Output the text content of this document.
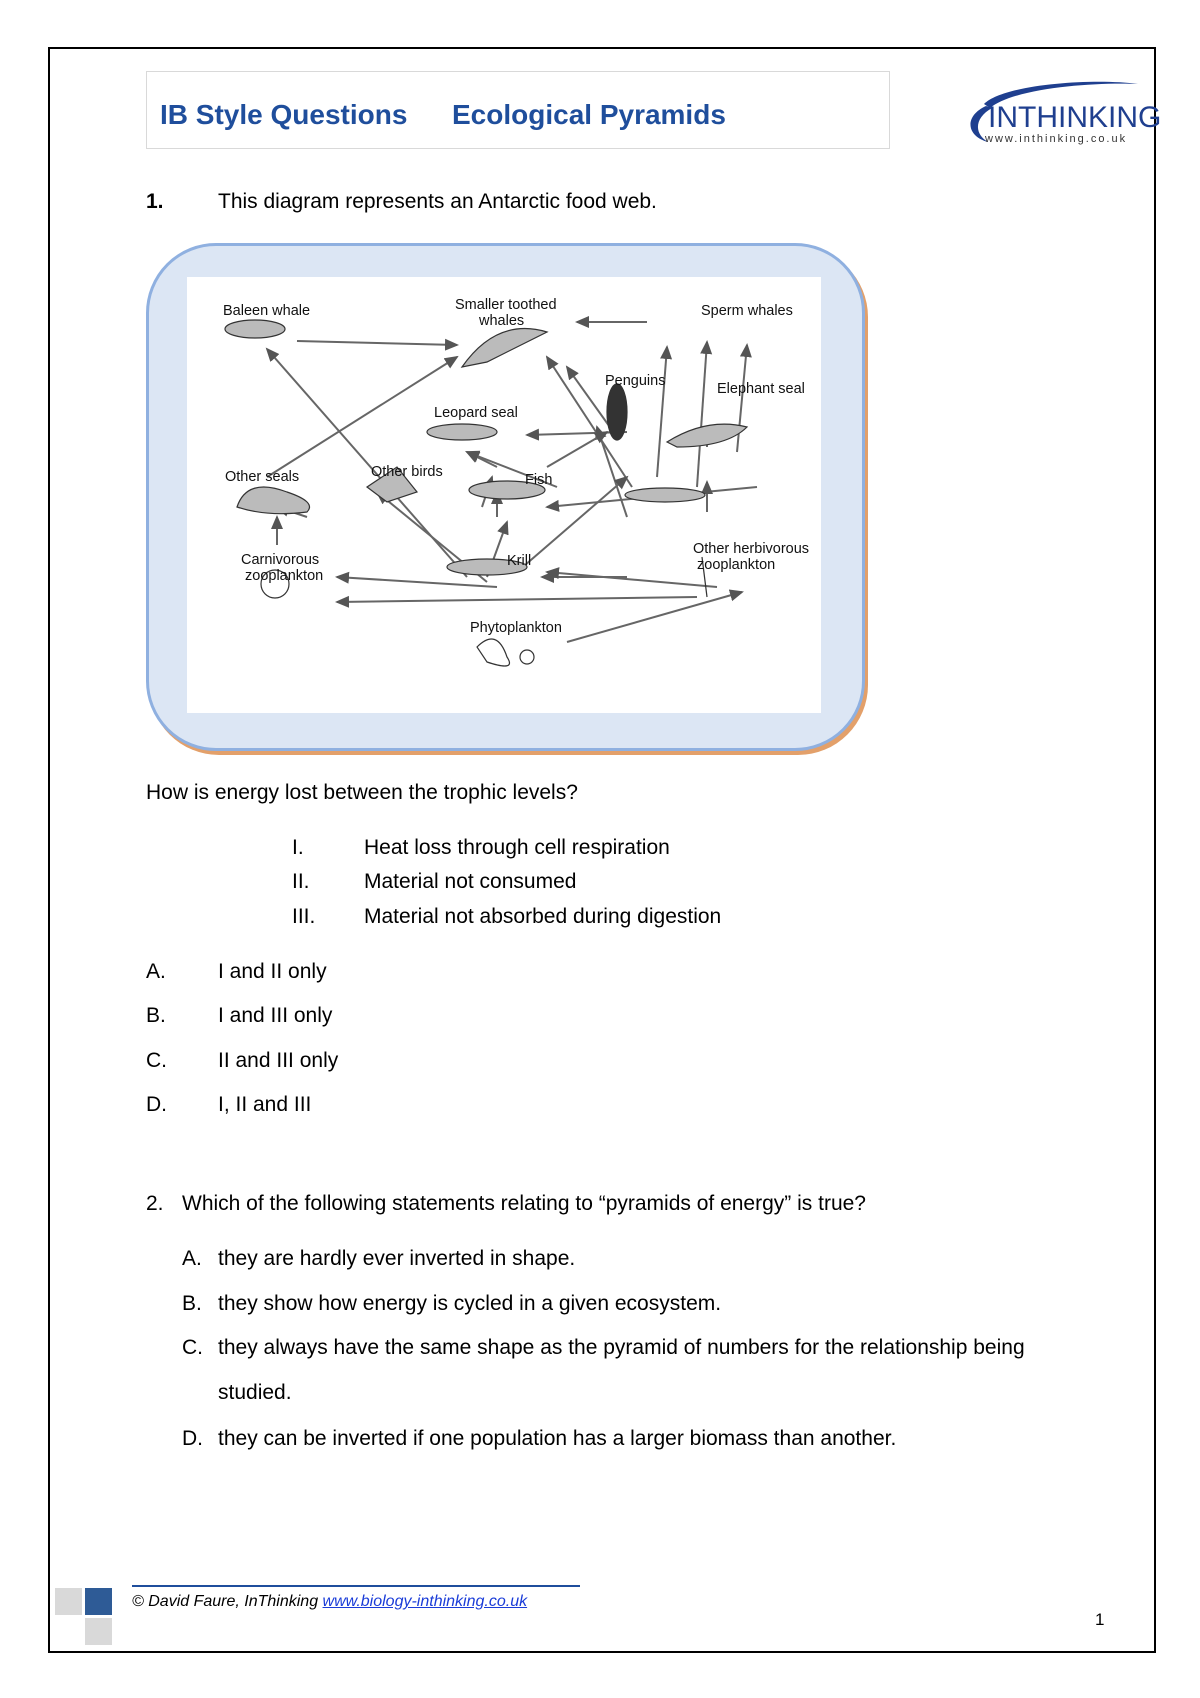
IB Style Questions Ecological Pyramids	INTHINKING
www.inthinking.co.uk
1.	This diagram represents an Antarctic food web.
Baleen whale	Smaller toothed
whales
Sperm whales
Penguins	Elephant seal
Leopard seal
Other seals	Other birds	Fish
Carnivorous
zooplankton
Krill
Other herbivorous
zooplankton
Phytoplankton
How is energy lost between the trophic levels?
I.	Heat loss through cell respiration
II.	Material not consumed
III. Material not absorbed during digestion
A. I and II only
B. I and III only
C. II and III only
D. I, II and III
2. Which of the following statements relating to “pyramids of energy” is true?
A. they are hardly ever inverted in shape.
B. they show how energy is cycled in a given ecosystem.
C. they always have the same shape as the pyramid of numbers for the relationship being
studied.
D. they can be inverted if one population has a larger biomass than another.
© David Faure, InThinking www.biology-inthinking.co.uk
1
